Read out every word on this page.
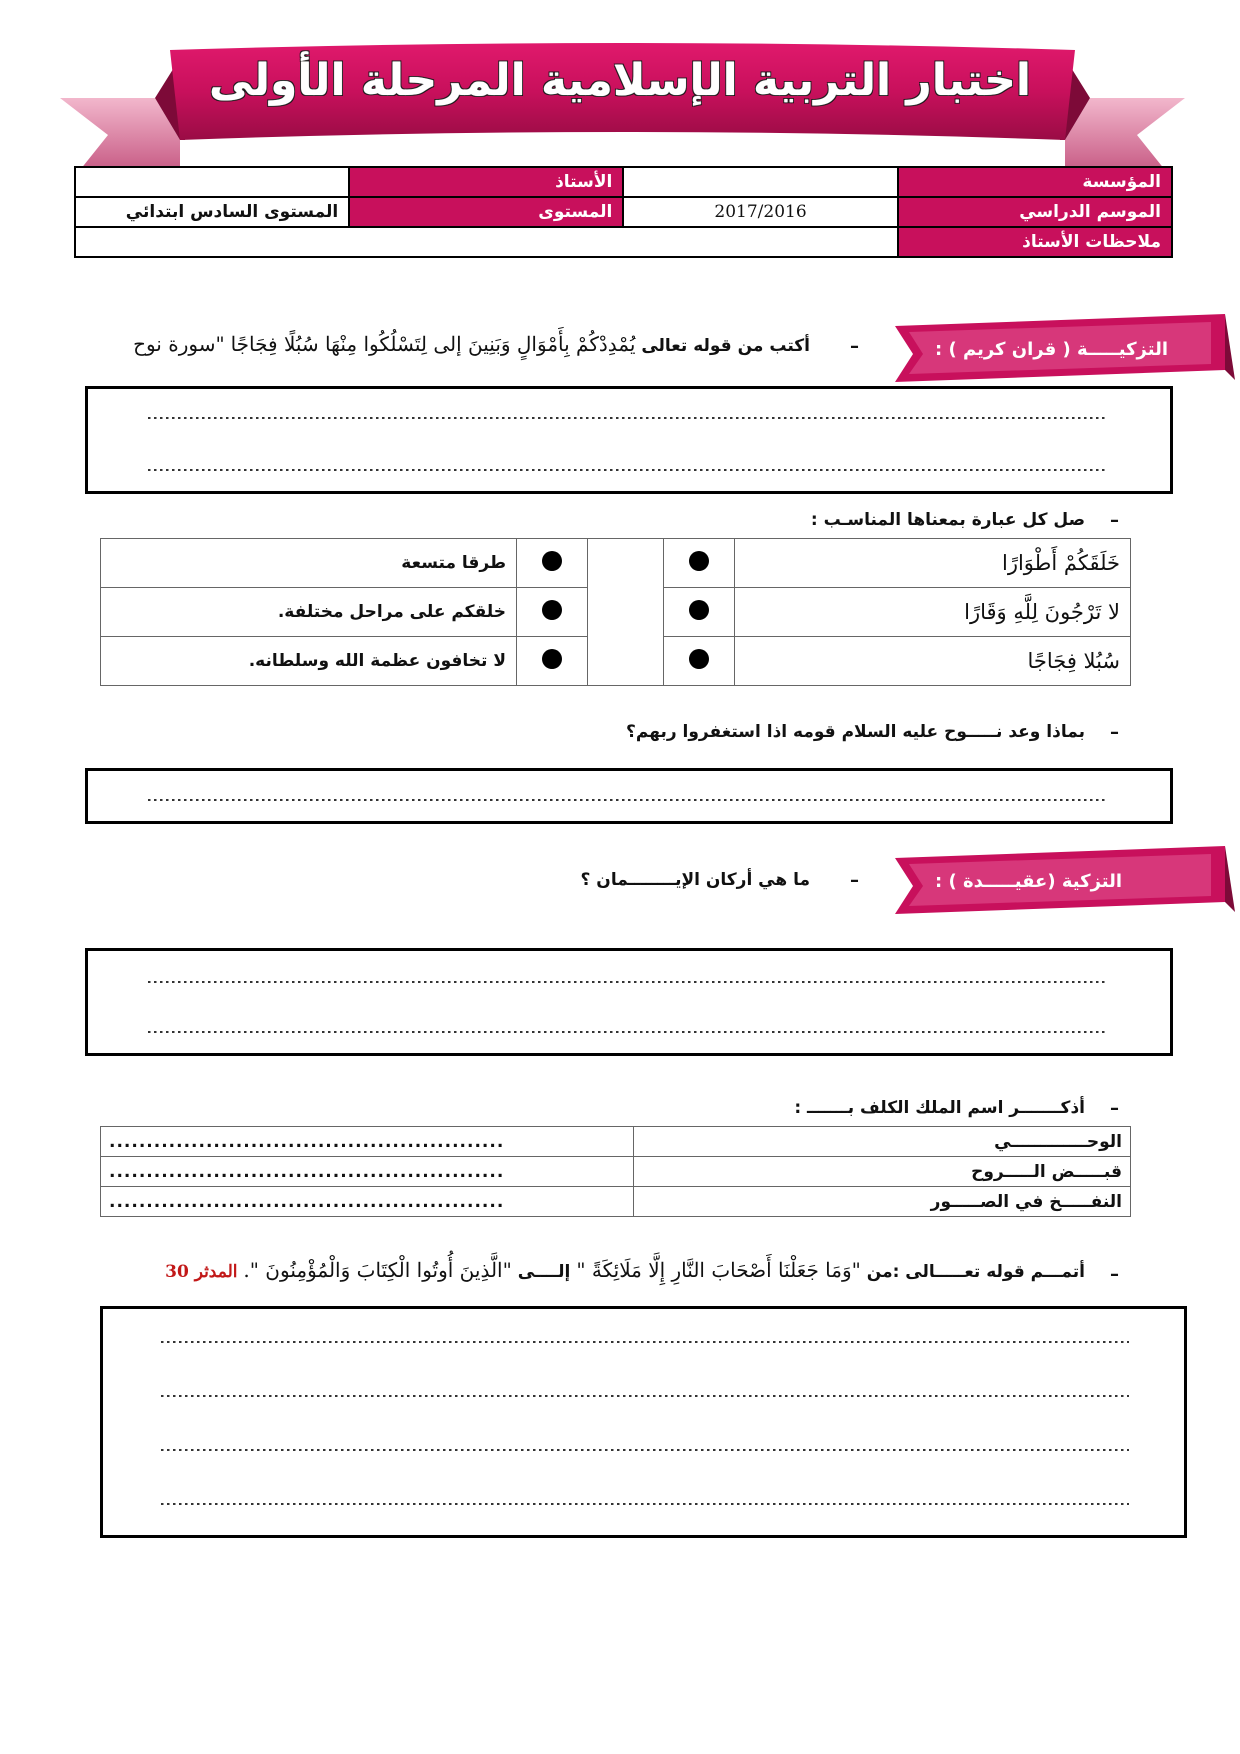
اختبار التربية الإسلامية المرحلة الأولى
المؤسسة		الأستاذ	
الموسم الدراسي	2017/2016	المستوى	المستوى السادس ابتدائي
ملاحظات الأستاذ			
التزكيـــــة ( قران كريم ) :
–
أكتب من قوله تعالى يُمْدِدْكُمْ بِأَمْوَالٍ وَبَنِينَ إلى لِتَسْلُكُوا مِنْهَا سُبُلًا فِجَاجًا "سورة نوح
–
صل كل عبارة بمعناها المناسـب :
خَلَقَكُمْ أَطْوَارًا				طرقا متسعة
لا تَرْجُونَ لِلَّهِ وَقَارًا				خلقكم على مراحل مختلفة.
سُبُلا فِجَاجًا				لا تخافون عظمة الله وسلطانه.
–
بماذا وعد نـــــوح عليه السلام قومه اذا استغفروا ربهم؟
التزكية (عقيـــــدة ) :
–
ما هي أركان الإيــــــــمان ؟
–
أذكـــــــر اسم الملك الكلف بـــــــ :
الوحـــــــــــــي	.....................................................
قبـــــض الـــــروح	.....................................................
النفـــــخ في الصـــــور	.....................................................
–
أتمـــم قوله تعـــــالى :من "وَمَا جَعَلْنَا أَصْحَابَ النَّارِ إِلَّا مَلَائِكَةً " إلــــى "الَّذِينَ أُوتُوا الْكِتَابَ وَالْمُؤْمِنُونَ ". المدثر 30
